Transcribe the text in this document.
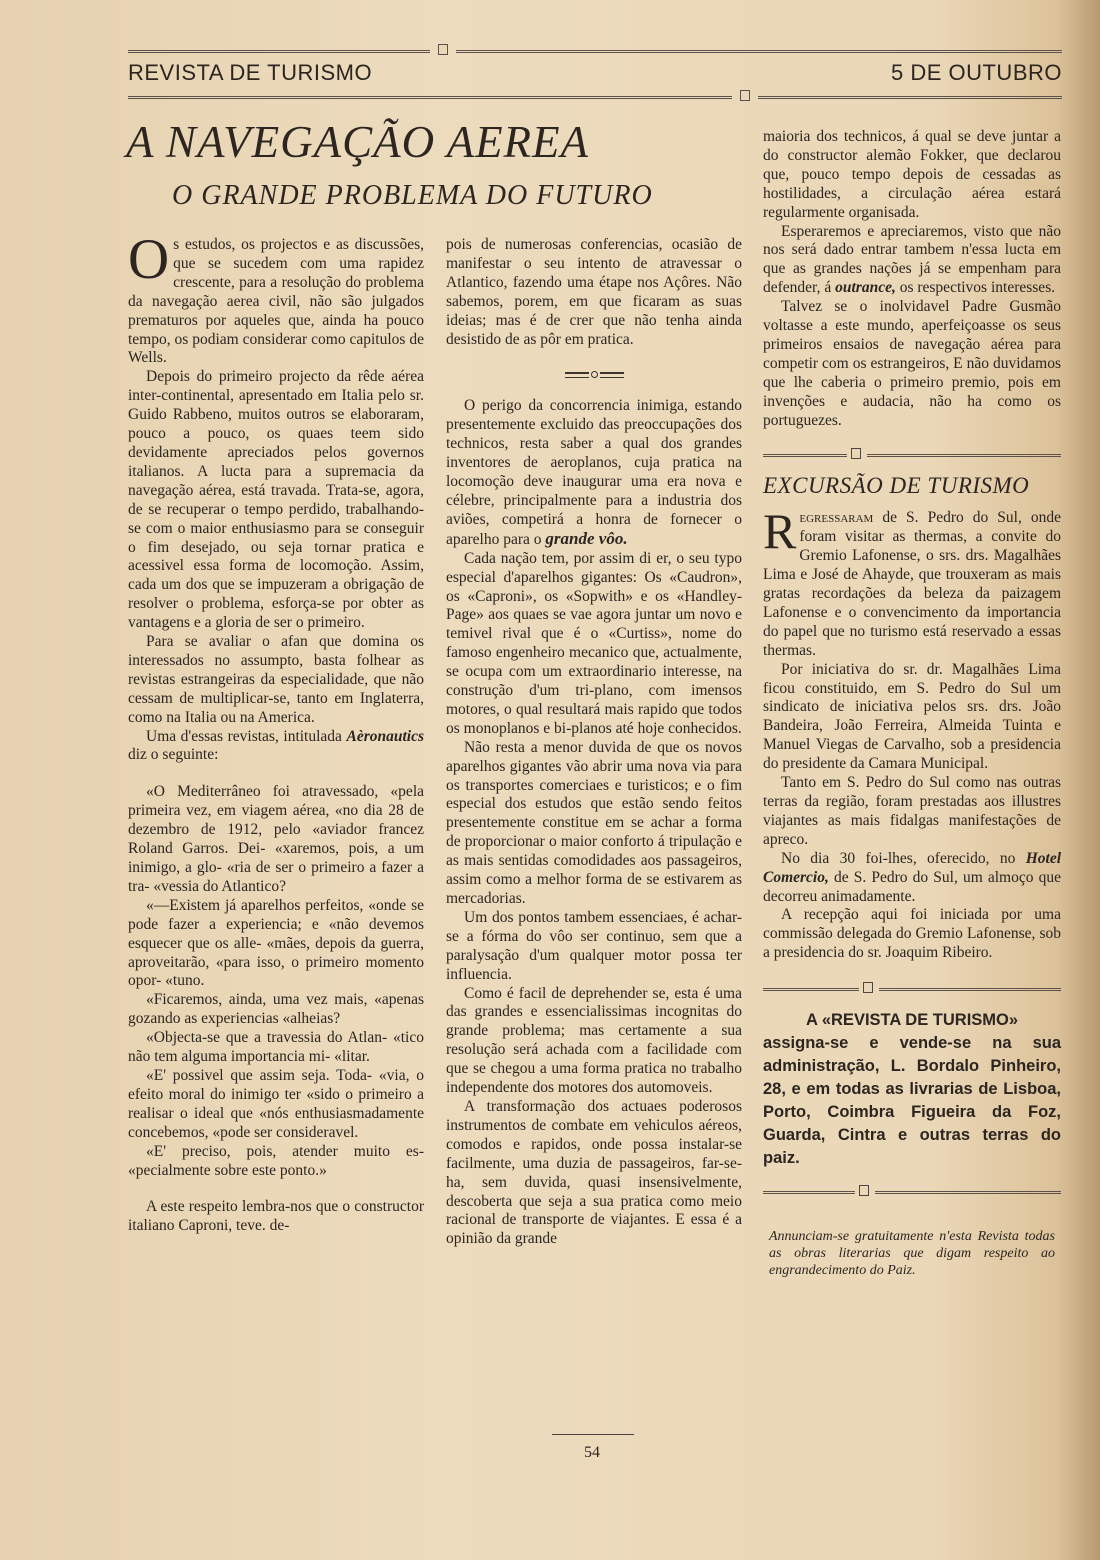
REVISTA DE TURISMO	5 DE OUTUBRO
A NAVEGAÇÃO AEREA
O GRANDE PROBLEMA DO FUTURO

Os estudos, os projectos e as discussões, que se sucedem com uma rapidez crescente, para a resolução do problema da navegação aerea civil, não são julgados prematuros por aqueles que, ainda ha pouco tempo, os podiam considerar como capitulos de Wells.

Depois do primeiro projecto da rêde aérea inter-continental, apresentado em Italia pelo sr. Guido Rabbeno, muitos outros se elaboraram, pouco a pouco, os quaes teem sido devidamente apreciados pelos governos italianos. A lucta para a supremacia da navegação aérea, está travada. Trata-se, agora, de se recuperar o tempo perdido, trabalhando-se com o maior enthusiasmo para se conseguir o fim desejado, ou seja tornar pratica e acessivel essa forma de locomoção. Assim, cada um dos que se impuzeram a obrigação de resolver o problema, esforça-se por obter as vantagens e a gloria de ser o primeiro.

Para se avaliar o afan que domina os interessados no assumpto, basta folhear as revistas estrangeiras da especialidade, que não cessam de multiplicar-se, tanto em Inglaterra, como na Italia ou na America.

Uma d'essas revistas, intitulada Aèronautics diz o seguinte:

«O Mediterrâneo foi atravessado, «pela primeira vez, em viagem aérea, «no dia 28 de dezembro de 1912, pelo «aviador francez Roland Garros. Dei- «xaremos, pois, a um inimigo, a glo- «ria de ser o primeiro a fazer a tra- «vessia do Atlantico?

«—Existem já aparelhos perfeitos, «onde se pode fazer a experiencia; e «não devemos esquecer que os alle- «mães, depois da guerra, aproveitarão, «para isso, o primeiro momento opor- «tuno.

«Ficaremos, ainda, uma vez mais, «apenas gozando as experiencias «alheias?

«Objecta-se que a travessia do Atlan- «tico não tem alguma importancia mi- «litar.

«E' possivel que assim seja. Toda- «via, o efeito moral do inimigo ter «sido o primeiro a realisar o ideal que «nós enthusiasmadamente concebemos, «pode ser consideravel.

«E' preciso, pois, atender muito es- «pecialmente sobre este ponto.»

A este respeito lembra-nos que o constructor italiano Caproni, teve. de-

pois de numerosas conferencias, ocasião de manifestar o seu intento de atravessar o Atlantico, fazendo uma étape nos Açôres. Não sabemos, porem, em que ficaram as suas ideias; mas é de crer que não tenha ainda desistido de as pôr em pratica.

O perigo da concorrencia inimiga, estando presentemente excluido das preoccupações dos technicos, resta saber a qual dos grandes inventores de aeroplanos, cuja pratica na locomoção deve inaugurar uma era nova e célebre, principalmente para a industria dos aviões, competirá a honra de fornecer o aparelho para o grande vôo.

Cada nação tem, por assim di er, o seu typo especial d'aparelhos gigantes: Os «Caudron», os «Caproni», os «Sopwith» e os «Handley-Page» aos quaes se vae agora juntar um novo e temivel rival que é o «Curtiss», nome do famoso engenheiro mecanico que, actualmente, se ocupa com um extraordinario interesse, na construção d'um tri-plano, com imensos motores, o qual resultará mais rapido que todos os monoplanos e bi-planos até hoje conhecidos.

Não resta a menor duvida de que os novos aparelhos gigantes vão abrir uma nova via para os transportes comerciaes e turisticos; e o fim especial dos estudos que estão sendo feitos presentemente constitue em se achar a forma de proporcionar o maior conforto á tripulação e as mais sentidas comodidades aos passageiros, assim como a melhor forma de se estivarem as mercadorias.

Um dos pontos tambem essenciaes, é achar-se a fórma do vôo ser continuo, sem que a paralysação d'um qualquer motor possa ter influencia.

Como é facil de deprehender se, esta é uma das grandes e essencialissimas incognitas do grande problema; mas certamente a sua resolução será achada com a facilidade com que se chegou a uma forma pratica no trabalho independente dos motores dos automoveis.

A transformação dos actuaes poderosos instrumentos de combate em vehiculos aéreos, comodos e rapidos, onde possa instalar-se facilmente, uma duzia de passageiros, far-se-ha, sem duvida, quasi insensivelmente, descoberta que seja a sua pratica como meio racional de transporte de viajantes. E essa é a opinião da grande

maioria dos technicos, á qual se deve juntar a do constructor alemão Fokker, que declarou que, pouco tempo depois de cessadas as hostilidades, a circulação aérea estará regularmente organisada.

Esperaremos e apreciaremos, visto que não nos será dado entrar tambem n'essa lucta em que as grandes nações já se empenham para defender, á outrance, os respectivos interesses.

Talvez se o inolvidavel Padre Gusmão voltasse a este mundo, aperfeiçoasse os seus primeiros ensaios de navegação aérea para competir com os estrangeiros, E não duvidamos que lhe caberia o primeiro premio, pois em invenções e audacia, não ha como os portuguezes.

EXCURSÃO DE TURISMO

Regressaram de S. Pedro do Sul, onde foram visitar as thermas, a convite do Gremio Lafonense, o srs. drs. Magalhães Lima e José de Ahayde, que trouxeram as mais gratas recordações da beleza da paizagem Lafonense e o convencimento da importancia do papel que no turismo está reservado a essas thermas.

Por iniciativa do sr. dr. Magalhães Lima ficou constituido, em S. Pedro do Sul um sindicato de iniciativa pelos srs. drs. João Bandeira, João Ferreira, Almeida Tuinta e Manuel Viegas de Carvalho, sob a presidencia do presidente da Camara Municipal.

Tanto em S. Pedro do Sul como nas outras terras da região, foram prestadas aos illustres viajantes as mais fidalgas manifestações de apreco.

No dia 30 foi-lhes, oferecido, no Hotel Comercio, de S. Pedro do Sul, um almoço que decorreu animadamente.

A recepção aqui foi iniciada por uma commissão delegada do Gremio Lafonense, sob a presidencia do sr. Joaquim Ribeiro.

A «REVISTA DE TURISMO»
assigna-se e vende-se na sua administração, L. Bordalo Pinheiro, 28, e em todas as livrarias de Lisboa, Porto, Coimbra Figueira da Foz, Guarda, Cintra e outras terras do paiz.
Annunciam-se gratuitamente n'esta Revista todas as obras literarias que digam respeito ao engrandecimento do Paiz.
54
